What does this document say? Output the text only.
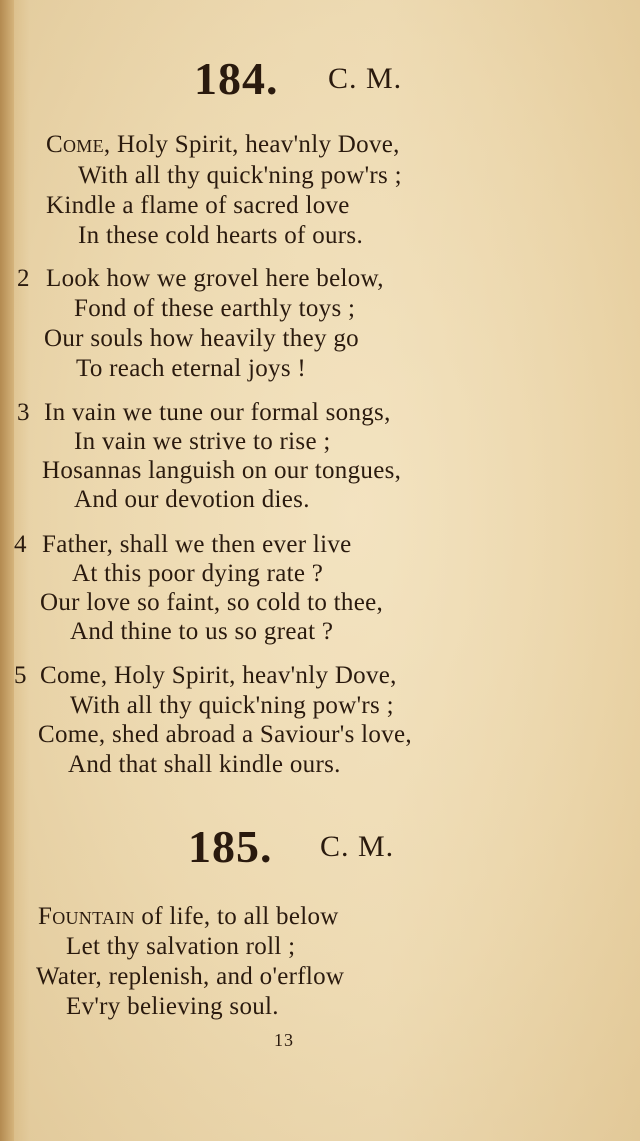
184. C. M.
Come, Holy Spirit, heav'nly Dove,
With all thy quick'ning pow'rs ;
Kindle a flame of sacred love
In these cold hearts of ours.
2 Look how we grovel here below,
Fond of these earthly toys ;
Our souls how heavily they go
To reach eternal joys !
3 In vain we tune our formal songs,
In vain we strive to rise ;
Hosannas languish on our tongues,
And our devotion dies.
4 Father, shall we then ever live
At this poor dying rate ?
Our love so faint, so cold to thee,
And thine to us so great ?
5 Come, Holy Spirit, heav'nly Dove,
With all thy quick'ning pow'rs ;
Come, shed abroad a Saviour's love,
And that shall kindle ours.
185. C. M.
Fountain of life, to all below
Let thy salvation roll ;
Water, replenish, and o'erflow
Ev'ry believing soul.
13
